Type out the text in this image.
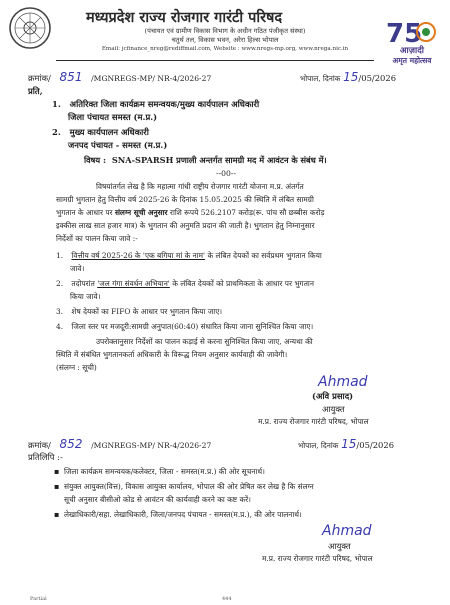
मध्यप्रदेश राज्य रोजगार गारंटी परिषद
(पंचायत एवं ग्रामीण विकास विभाग के अधीन गठित पंजीकृत संस्था)
चतुर्थ तल, विकास भवन, अरेरा हिल्स भोपाल
Email: jcfinance_nreg@rediffmail.com, Website : www.nregs-mp.org, www.nrega.nic.in	75
आज़ादी
अमृत महोत्सव
क्रमांक/ 851 /MGNREGS-MP/ NR-4/2026-27	भोपाल, दिनांक 15/05/2026
प्रति,
1. अतिरिक्त जिला कार्यक्रम समन्वयक/मुख्य कार्यपालन अधिकारी
जिला पंचायत समस्त (म.प्र.)
2. मुख्य कार्यपालन अधिकारी
जनपद पंचायत - समस्त (म.प्र.)
विषय : SNA-SPARSH प्रणाली अन्तर्गत सामग्री मद में आवंटन के संबंध में।
--00--
विषयांतर्गत लेख है कि महात्मा गांधी राष्ट्रीय रोजगार गारंटी योजना म.प्र. अंतर्गत
सामग्री भुगतान हेतु वित्तीय वर्ष 2025-26 के दिनांक 15.05.2025 की स्थिति में लंबित सामग्री
भुगतान के आधार पर संलग्न सूची अनुसार राशि रूपये 526.2107 करोड़(रू. पांच सौ छब्बीस करोड़
इक्कीस लाख सात हजार मात्र) के भुगतान की अनुमति प्रदान की जाती है। भुगतान हेतु निम्नानुसार
निर्देशों का पालन किया जावे :-
1. वित्तीय वर्ष 2025-26 के 'एक बगिया मां के नाम' के लंबित देयकों का सर्वप्रथम भुगतान किया
जावे।
2. तदोपरांत 'जल गंगा संवर्धन अभियान' के लंबित देयकों को प्राथमिकता के आधार पर भुगतान
किया जावे।
3. शेष देयकों का FIFO के आधार पर भुगतान किया जाए।
4. जिला स्तर पर मजदूरी:सामग्री अनुपात(60:40) संधारित किया जाना सुनिश्चित किया जाए।
उपरोक्तानुसार निर्देशों का पालन कड़ाई से करना सुनिश्चित किया जाए, अन्यथा की
स्थिति में संबंधित भुगतानकर्ता अधिकारी के विरूद्ध नियम अनुसार कार्यवाही की जावेगी।
(संलग्न : सूची)
Ahmad
(अवि प्रसाद)
आयुक्त
म.प्र. राज्य रोजगार गारंटी परिषद, भोपाल
क्रमांक/ 852 /MGNREGS-MP/ NR-4/2026-27	भोपाल, दिनांक 15/05/2026
प्रतिलिपि :-
▪ जिला कार्यक्रम समन्वयक/कलेक्टर, जिला - समस्त(म.प्र.) की ओर सूचनार्थ।
▪ संयुक्त आयुक्त(वित्त), विकास आयुक्त कार्यालय, भोपाल की ओर प्रेषित कर लेख है कि संलग्न
सूची अनुसार बीसीओ कोड से आवंटन की कार्यवाही करने का कष्ट करें।
▪ लेखाधिकारी/सहा. लेखाधिकारी, जिला/जनपद पंचायत - समस्त(म.प्र.), की ओर पालनार्थ।
Ahmad
आयुक्त
म.प्र. राज्य रोजगार गारंटी परिषद, भोपाल
Partial	444
